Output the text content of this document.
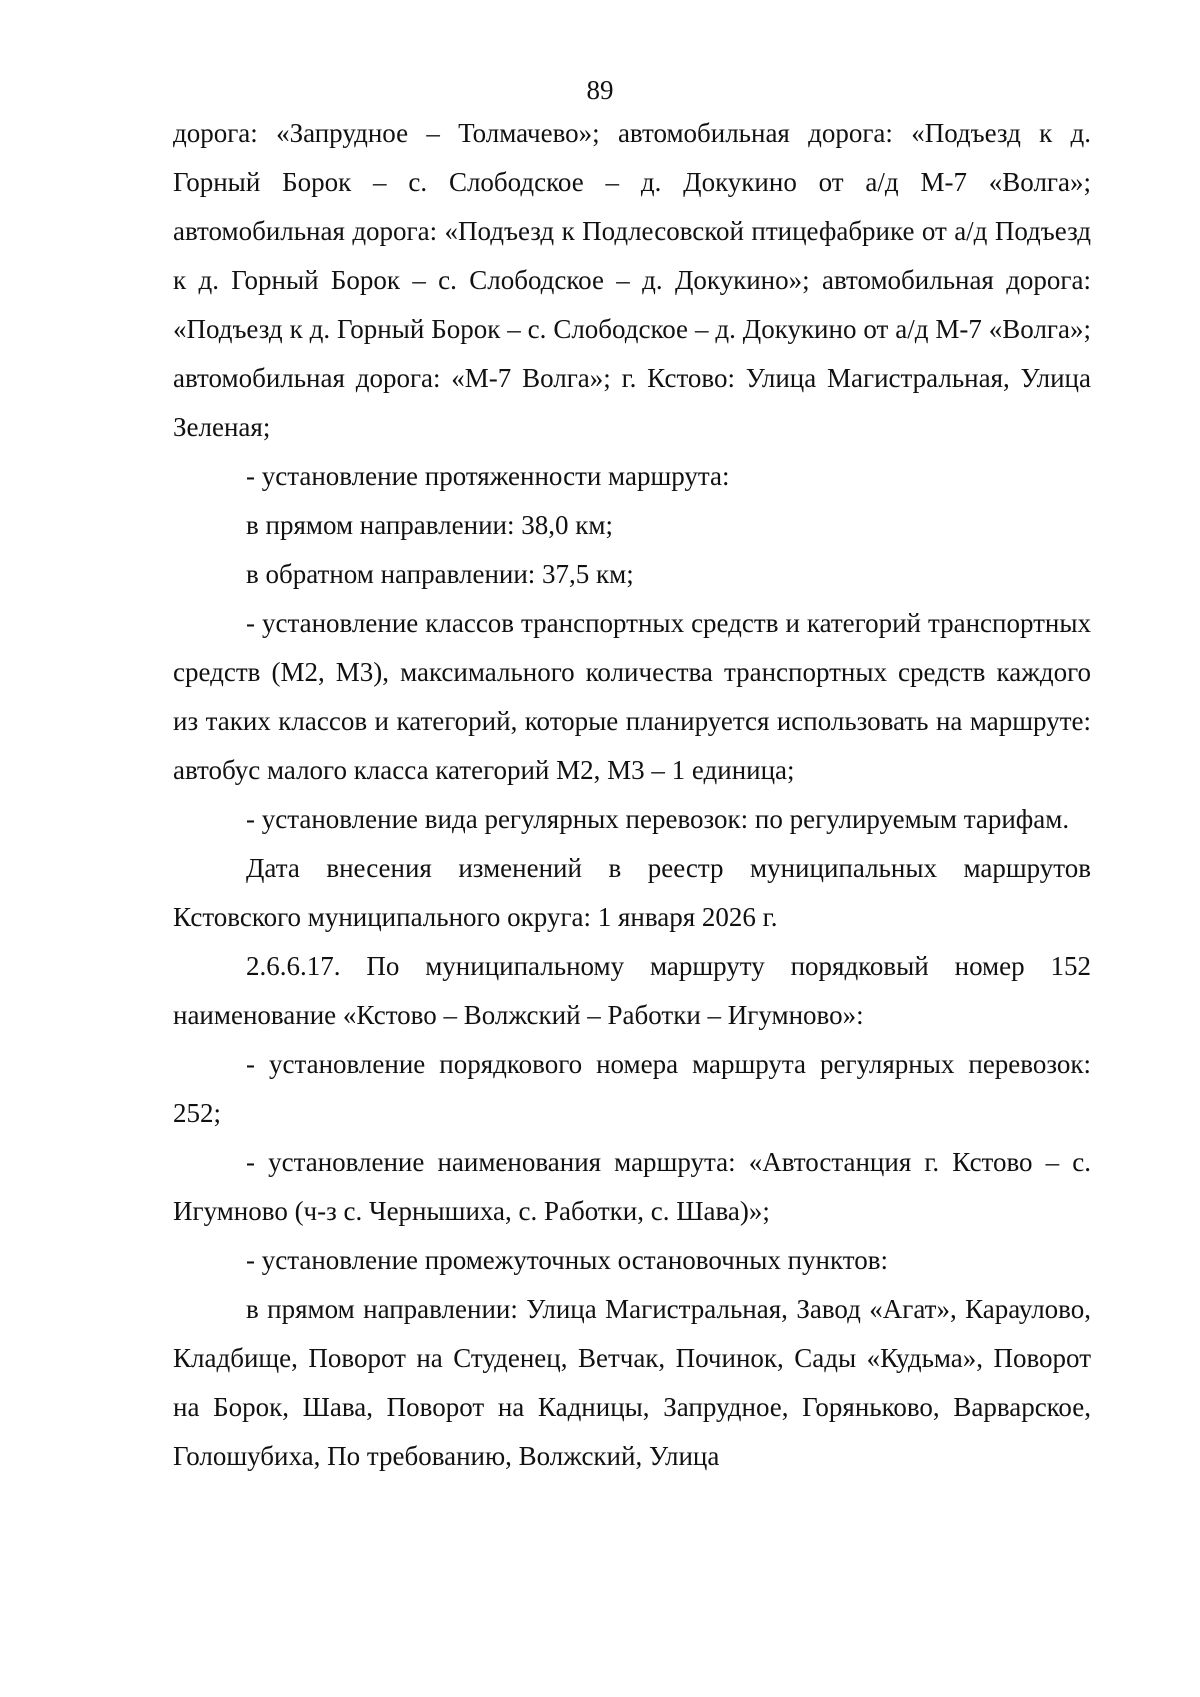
89

дорога: «Запрудное – Толмачево»; автомобильная дорога: «Подъезд к д. Горный Борок – с. Слободское – д. Докукино от а/д М-7 «Волга»; автомобильная дорога: «Подъезд к Подлесовской птицефабрике от а/д Подъезд к д. Горный Борок – с. Слободское – д. Докукино»; автомобильная дорога: «Подъезд к д. Горный Борок – с. Слободское – д. Докукино от а/д М-7 «Волга»; автомобильная дорога: «М-7 Волга»; г. Кстово: Улица Магистральная, Улица Зеленая;

- установление протяженности маршрута:

в прямом направлении: 38,0 км;

в обратном направлении: 37,5 км;

- установление классов транспортных средств и категорий транспортных средств (М2, М3), максимального количества транспортных средств каждого из таких классов и категорий, которые планируется использовать на маршруте: автобус малого класса категорий М2, М3 – 1 единица;

- установление вида регулярных перевозок: по регулируемым тарифам.

Дата внесения изменений в реестр муниципальных маршрутов Кстовского муниципального округа: 1 января 2026 г.

2.6.6.17. По муниципальному маршруту порядковый номер 152 наименование «Кстово – Волжский – Работки – Игумново»:

- установление порядкового номера маршрута регулярных перевозок: 252;

- установление наименования маршрута: «Автостанция г. Кстово – с. Игумново (ч-з с. Чернышиха, с. Работки, с. Шава)»;

- установление промежуточных остановочных пунктов:

в прямом направлении: Улица Магистральная, Завод «Агат», Караулово, Кладбище, Поворот на Студенец, Ветчак, Починок, Сады «Кудьма», Поворот на Борок, Шава, Поворот на Кадницы, Запрудное, Горяньково, Варварское, Голошубиха, По требованию, Волжский, Улица
